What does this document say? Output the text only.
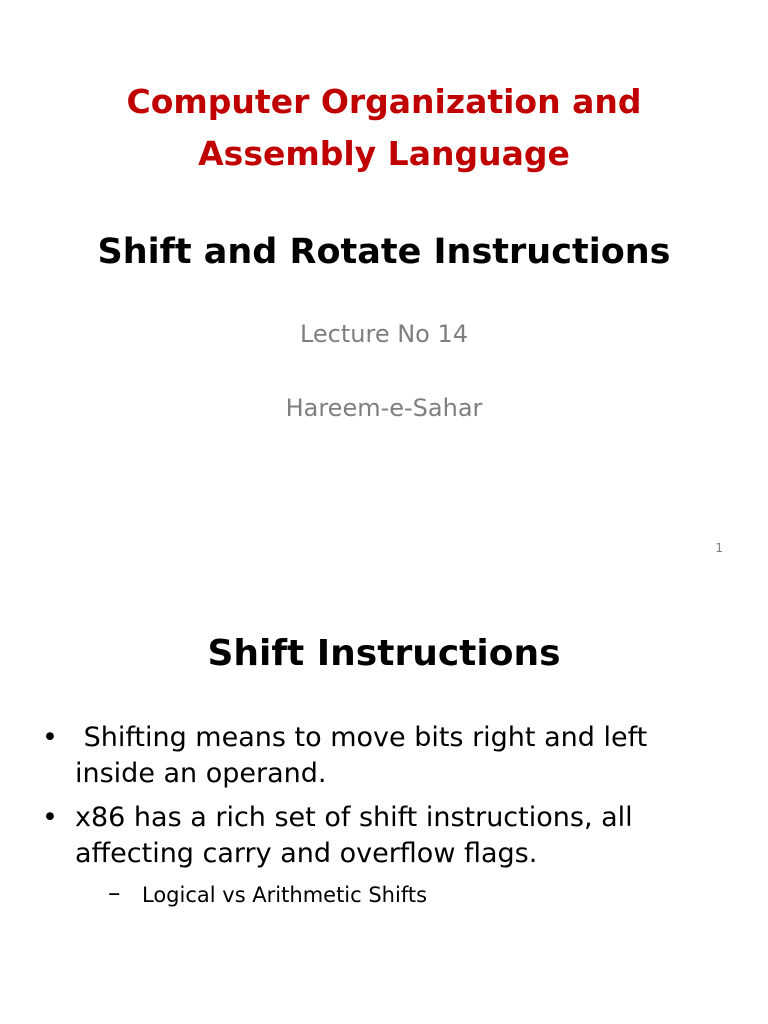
Computer Organization and
Assembly Language
Shift and Rotate Instructions

Lecture No 14

Hareem-e-Sahar

1
Shift Instructions
• Shifting means to move bits right and left
inside an operand.
• x86 has a rich set of shift instructions, all
affecting carry and overflow flags.
– Logical vs Arithmetic Shifts
